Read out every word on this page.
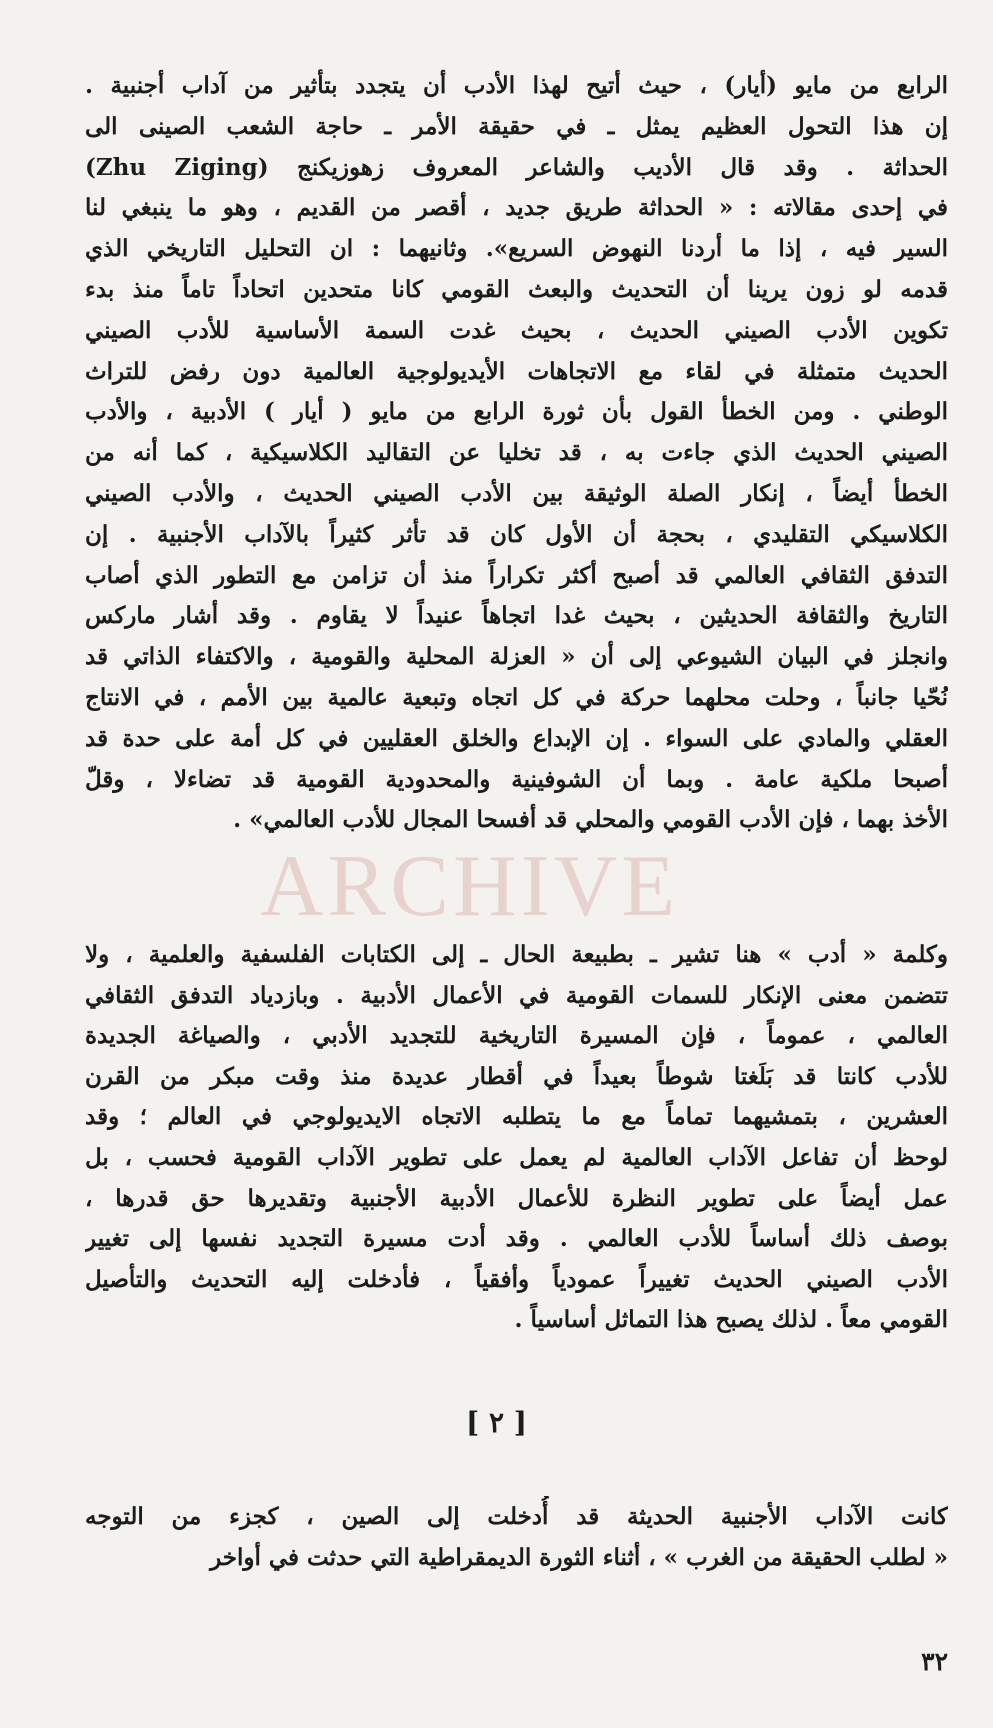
الرابع من مايو (أيار) ، حيث أتيح لهذا الأدب أن يتجدد بتأثير من آداب أجنبية .
إن هذا التحول العظيم يمثل ـ في حقيقة الأمر ـ حاجة الشعب الصينى الى
الحداثة . وقد قال الأديب والشاعر المعروف زهوزيكنج (Zhu Ziging)
في إحدى مقالاته : « الحداثة طريق جديد ، أقصر من القديم ، وهو ما ينبغي لنا
السير فيه ، إذا ما أردنا النهوض السريع». وثانيهما : ان التحليل التاريخي الذي
قدمه لو زون يرينا أن التحديث والبعث القومي كانا متحدين اتحاداً تاماً منذ بدء
تكوين الأدب الصيني الحديث ، بحيث غدت السمة الأساسية للأدب الصيني
الحديث متمثلة في لقاء مع الاتجاهات الأيديولوجية العالمية دون رفض للتراث
الوطني . ومن الخطأ القول بأن ثورة الرابع من مايو ( أيار ) الأدبية ، والأدب
الصيني الحديث الذي جاءت به ، قد تخليا عن التقاليد الكلاسيكية ، كما أنه من
الخطأ أيضاً ، إنكار الصلة الوثيقة بين الأدب الصيني الحديث ، والأدب الصيني
الكلاسيكي التقليدي ، بحجة أن الأول كان قد تأثر كثيراً بالآداب الأجنبية . إن
التدفق الثقافي العالمي قد أصبح أكثر تكراراً منذ أن تزامن مع التطور الذي أصاب
التاريخ والثقافة الحديثين ، بحيث غدا اتجاهاً عنيداً لا يقاوم . وقد أشار ماركس
وانجلز في البيان الشيوعي إلى أن « العزلة المحلية والقومية ، والاكتفاء الذاتي قد
نُحّيا جانباً ، وحلت محلهما حركة في كل اتجاه وتبعية عالمية بين الأمم ، في الانتاج
العقلي والمادي على السواء . إن الإبداع والخلق العقليين في كل أمة على حدة قد
أصبحا ملكية عامة . وبما أن الشوفينية والمحدودية القومية قد تضاءلا ، وقلّ
الأخذ بهما ، فإن الأدب القومي والمحلي قد أفسحا المجال للأدب العالمي» .
وكلمة « أدب » هنا تشير ـ بطبيعة الحال ـ إلى الكتابات الفلسفية والعلمية ، ولا
تتضمن معنى الإنكار للسمات القومية في الأعمال الأدبية . وبازدياد التدفق الثقافي
العالمي ، عموماً ، فإن المسيرة التاريخية للتجديد الأدبي ، والصياغة الجديدة
للأدب كانتا قد بَلَغتا شوطاً بعيداً في أقطار عديدة منذ وقت مبكر من القرن
العشرين ، بتمشيهما تماماً مع ما يتطلبه الاتجاه الايديولوجي في العالم ؛ وقد
لوحظ أن تفاعل الآداب العالمية لم يعمل على تطوير الآداب القومية فحسب ، بل
عمل أيضاً على تطوير النظرة للأعمال الأدبية الأجنبية وتقديرها حق قدرها ،
بوصف ذلك أساساً للأدب العالمي . وقد أدت مسيرة التجديد نفسها إلى تغيير
الأدب الصيني الحديث تغييراً عمودياً وأفقياً ، فأدخلت إليه التحديث والتأصيل
القومي معاً . لذلك يصبح هذا التماثل أساسياً .
[ ٢ ]
كانت الآداب الأجنبية الحديثة قد أُدخلت إلى الصين ، كجزء من التوجه
« لطلب الحقيقة من الغرب » ، أثناء الثورة الديمقراطية التي حدثت في أواخر
ARCHIVE
٣٢
